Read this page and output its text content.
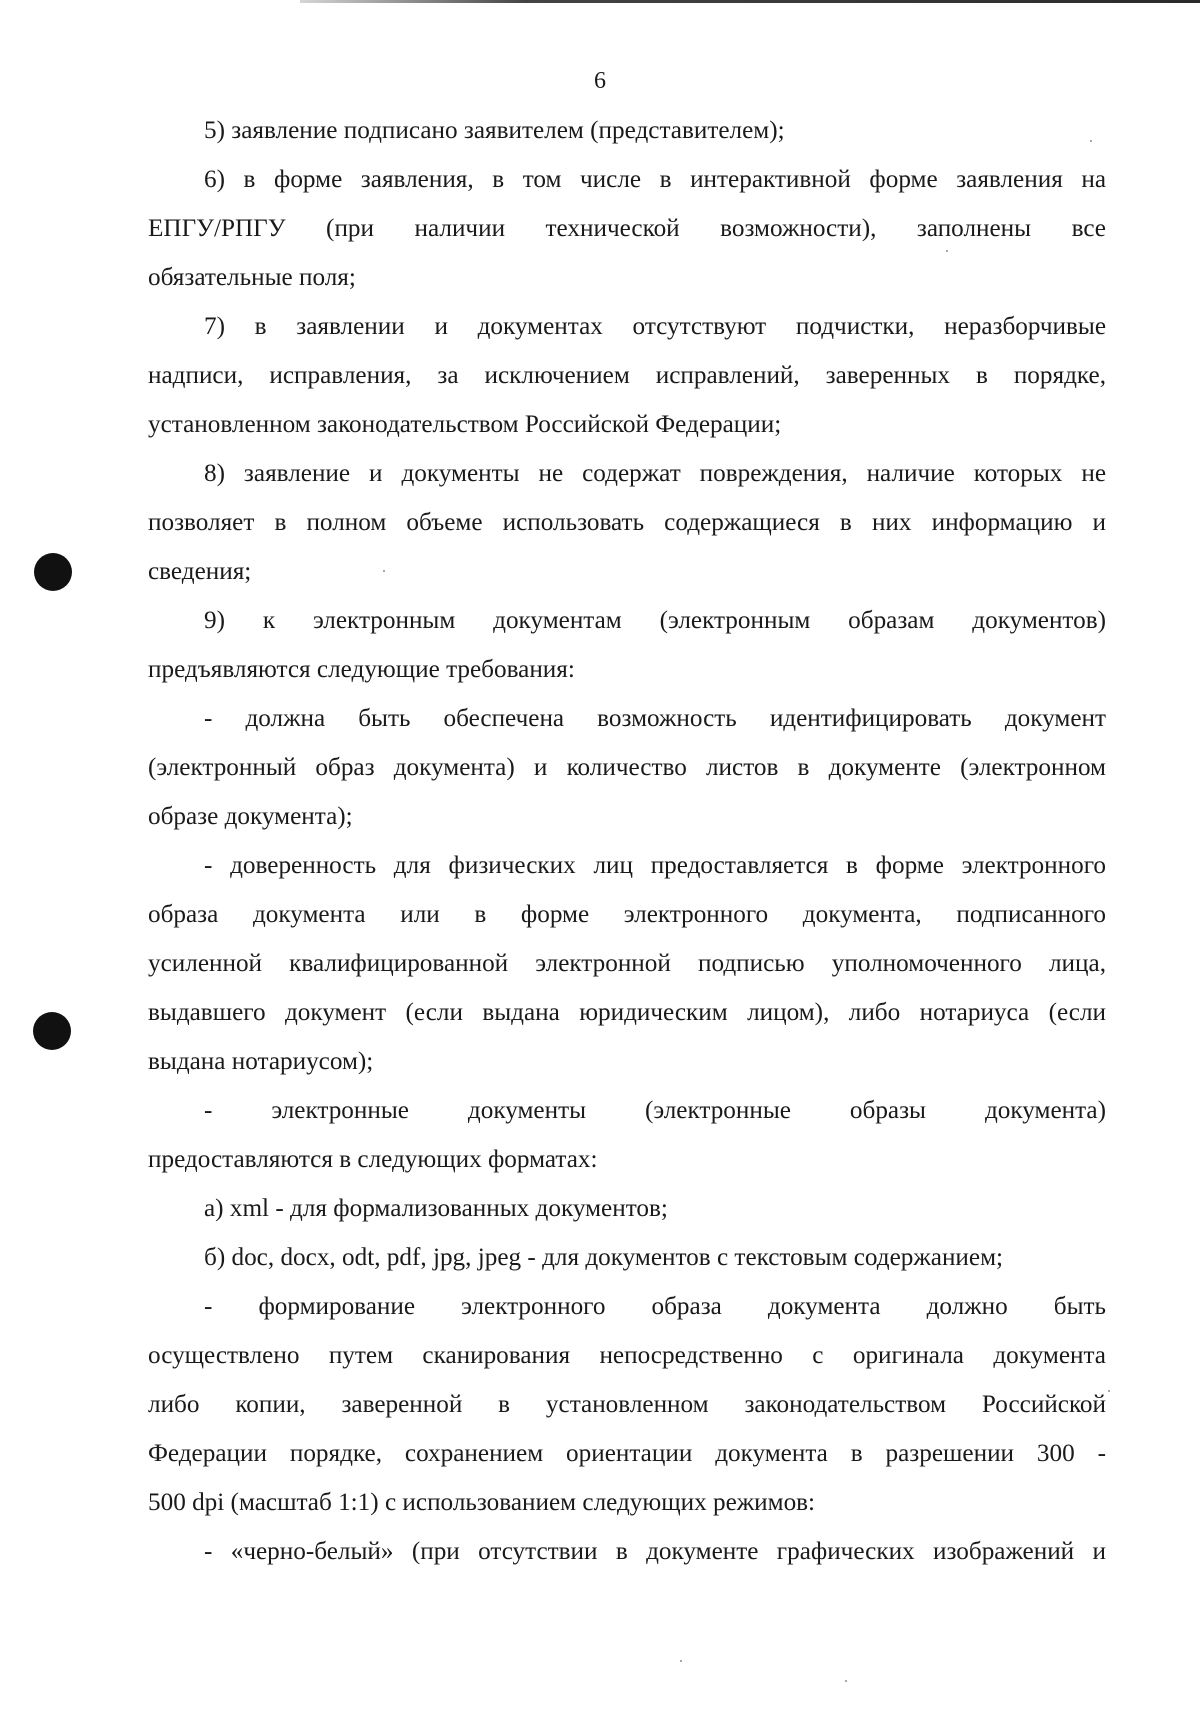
6

5) заявление подписано заявителем (представителем);

6) в форме заявления, в том числе в интерактивной форме заявления на

ЕПГУ/РПГУ (при наличии технической возможности), заполнены все

обязательные поля;

7) в заявлении и документах отсутствуют подчистки, неразборчивые

надписи, исправления, за исключением исправлений, заверенных в порядке,

установленном законодательством Российской Федерации;

8) заявление и документы не содержат повреждения, наличие которых не

позволяет в полном объеме использовать содержащиеся в них информацию и

сведения;

9) к электронным документам (электронным образам документов)

предъявляются следующие требования:

- должна быть обеспечена возможность идентифицировать документ

(электронный образ документа) и количество листов в документе (электронном

образе документа);

- доверенность для физических лиц предоставляется в форме электронного

образа документа или в форме электронного документа, подписанного

усиленной квалифицированной электронной подписью уполномоченного лица,

выдавшего документ (если выдана юридическим лицом), либо нотариуса (если

выдана нотариусом);

- электронные документы (электронные образы документа)

предоставляются в следующих форматах:

а) xml - для формализованных документов;

б) doc, docx, odt, pdf, jpg, jpeg - для документов с текстовым содержанием;

- формирование электронного образа документа должно быть

осуществлено путем сканирования непосредственно с оригинала документа

либо копии, заверенной в установленном законодательством Российской

Федерации порядке, сохранением ориентации документа в разрешении 300 -

500 dpi (масштаб 1:1) с использованием следующих режимов:

- «черно-белый» (при отсутствии в документе графических изображений и
